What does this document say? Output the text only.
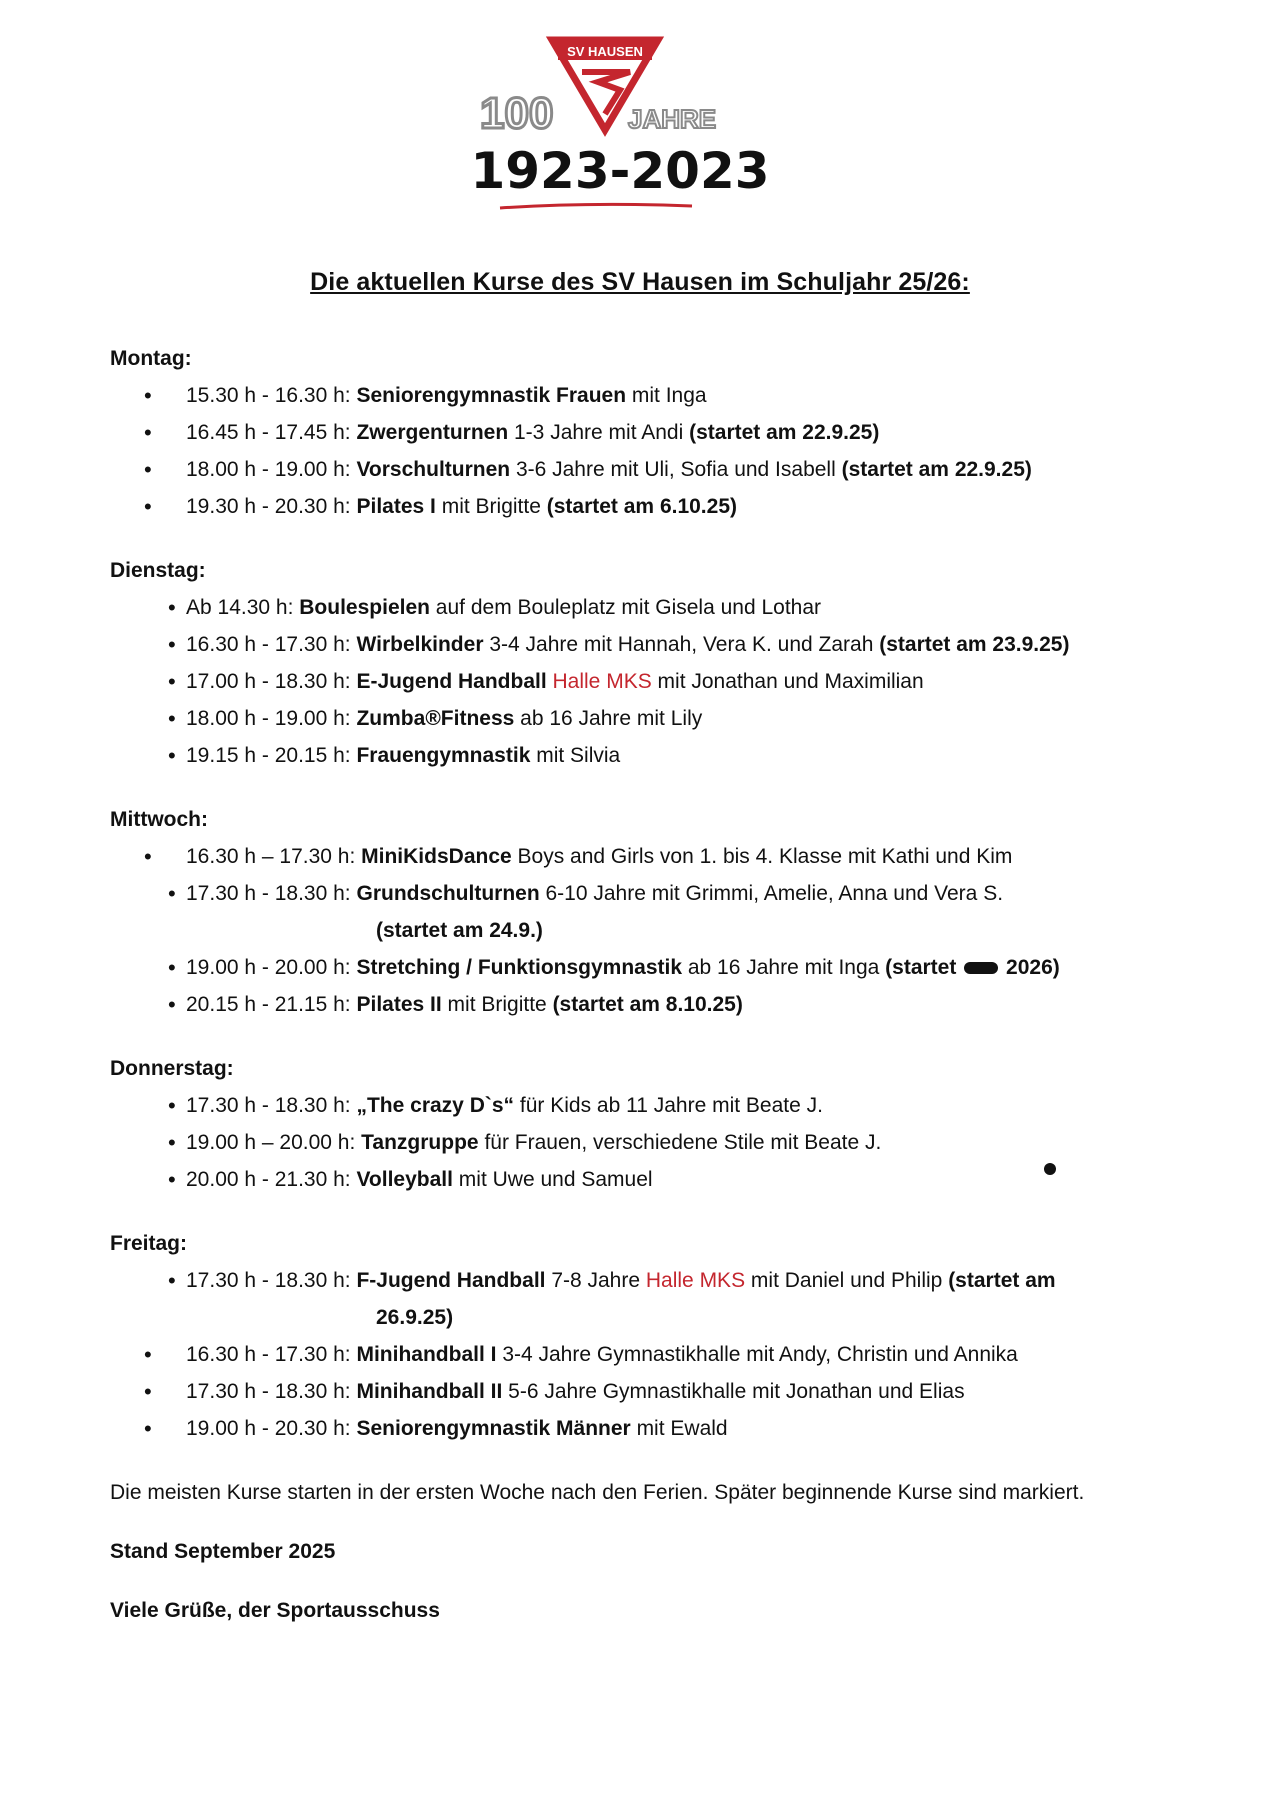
SV HAUSEN
100	JAHRE
1923-2023
Die aktuellen Kurse des SV Hausen im Schuljahr 25/26:

Montag:

• 15.30 h - 16.30 h: Seniorengymnastik Frauen mit Inga
• 16.45 h - 17.45 h: Zwergenturnen 1-3 Jahre mit Andi (startet am 22.9.25)
• 18.00 h - 19.00 h: Vorschulturnen 3-6 Jahre mit Uli, Sofia und Isabell (startet am 22.9.25)
• 19.30 h - 20.30 h: Pilates I mit Brigitte (startet am 6.10.25)

Dienstag:

• Ab 14.30 h: Boulespielen auf dem Bouleplatz mit Gisela und Lothar
• 16.30 h - 17.30 h: Wirbelkinder 3-4 Jahre mit Hannah, Vera K. und Zarah (startet am 23.9.25)
• 17.00 h - 18.30 h: E-Jugend Handball Halle MKS mit Jonathan und Maximilian
• 18.00 h - 19.00 h: Zumba®Fitness ab 16 Jahre mit Lily
• 19.15 h - 20.15 h: Frauengymnastik mit Silvia

Mittwoch:

• 16.30 h – 17.30 h: MiniKidsDance Boys and Girls von 1. bis 4. Klasse mit Kathi und Kim
• 17.30 h - 18.30 h: Grundschulturnen 6-10 Jahre mit Grimmi, Amelie, Anna und Vera S.
(startet am 24.9.)
• 19.00 h - 20.00 h: Stretching / Funktionsgymnastik ab 16 Jahre mit Inga (startet 2026)
• 20.15 h - 21.15 h: Pilates II mit Brigitte (startet am 8.10.25)

Donnerstag:

• 17.30 h - 18.30 h: „The crazy D`s“ für Kids ab 11 Jahre mit Beate J.
• 19.00 h – 20.00 h: Tanzgruppe für Frauen, verschiedene Stile mit Beate J.
• 20.00 h - 21.30 h: Volleyball mit Uwe und Samuel

Freitag:

• 17.30 h - 18.30 h: F-Jugend Handball 7-8 Jahre Halle MKS mit Daniel und Philip (startet am
26.9.25)
• 16.30 h - 17.30 h: Minihandball I 3-4 Jahre Gymnastikhalle mit Andy, Christin und Annika
• 17.30 h - 18.30 h: Minihandball II 5-6 Jahre Gymnastikhalle mit Jonathan und Elias
• 19.00 h - 20.30 h: Seniorengymnastik Männer mit Ewald

Die meisten Kurse starten in der ersten Woche nach den Ferien. Später beginnende Kurse sind markiert.

Stand September 2025

Viele Grüße, der Sportausschuss
